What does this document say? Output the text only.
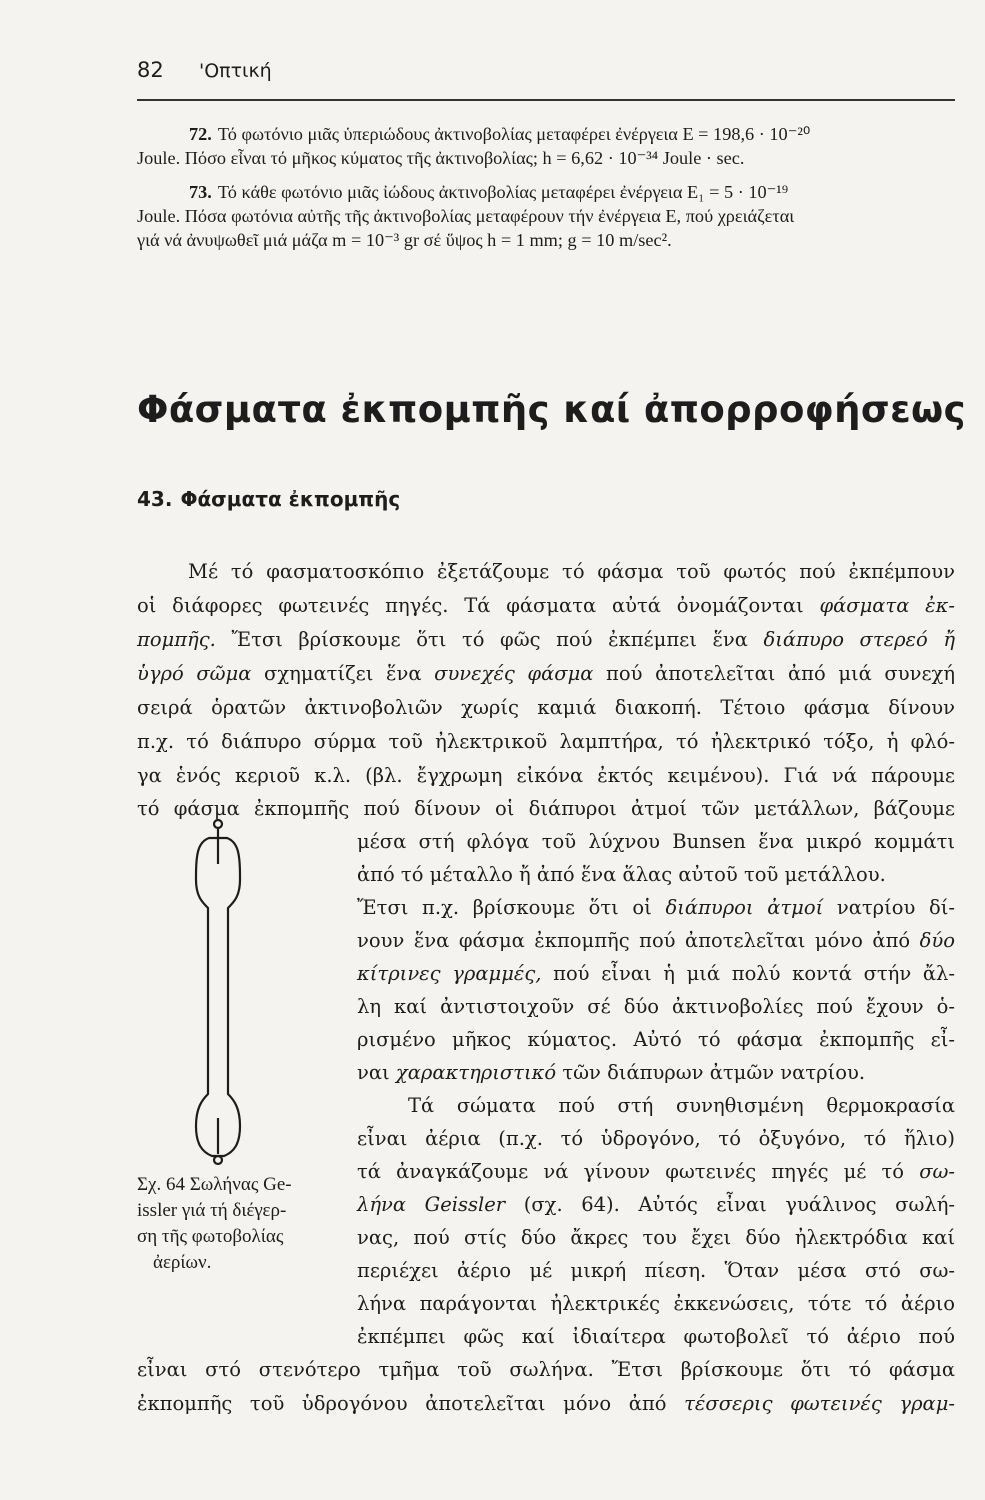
82 'Οπτική
72. Τό φωτόνιο μιᾶς ὑπεριώδους ἀκτινοβολίας μεταφέρει ἐνέργεια E = 198,6 · 10⁻²⁰
Joule. Πόσο εἶναι τό μῆκος κύματος τῆς ἀκτινοβολίας; h = 6,62 · 10⁻³⁴ Joule · sec.
73. Τό κάθε φωτόνιο μιᾶς ἰώδους ἀκτινοβολίας μεταφέρει ἐνέργεια E₁ = 5 · 10⁻¹⁹
Joule. Πόσα φωτόνια αὐτῆς τῆς ἀκτινοβολίας μεταφέρουν τήν ἐνέργεια E, πού χρειάζεται
γιά νά ἀνυψωθεῖ μιά μάζα m = 10⁻³ gr σέ ὕψος h = 1 mm; g = 10 m/sec².
Φάσματα ἐκπομπῆς καί ἀπορροφήσεως
43. Φάσματα ἐκπομπῆς
Μέ τό φασματοσκόπιο ἐξετάζουμε τό φάσμα τοῦ φωτός πού ἐκπέμπουν
οἱ διάφορες φωτεινές πηγές. Τά φάσματα αὐτά ὀνομάζονται φάσματα ἐκ-
πομπῆς. Ἔτσι βρίσκουμε ὅτι τό φῶς πού ἐκπέμπει ἕνα διάπυρο στερεό ἤ
ὑγρό σῶμα σχηματίζει ἕνα συνεχές φάσμα πού ἀποτελεῖται ἀπό μιά συνεχή
σειρά ὁρατῶν ἀκτινοβολιῶν χωρίς καμιά διακοπή. Τέτοιο φάσμα δίνουν
π.χ. τό διάπυρο σύρμα τοῦ ἠλεκτρικοῦ λαμπτήρα, τό ἠλεκτρικό τόξο, ἡ φλό-
γα ἑνός κεριοῦ κ.λ. (βλ. ἔγχρωμη εἰκόνα ἐκτός κειμένου). Γιά νά πάρουμε
τό φάσμα ἐκπομπῆς πού δίνουν οἱ διάπυροι ἀτμοί τῶν μετάλλων, βάζουμε
μέσα στή φλόγα τοῦ λύχνου Bunsen ἕνα μικρό κομμάτι
ἀπό τό μέταλλο ἤ ἀπό ἕνα ἅλας αὐτοῦ τοῦ μετάλλου.
Ἔτσι π.χ. βρίσκουμε ὅτι οἱ διάπυροι ἀτμοί νατρίου δί-
νουν ἕνα φάσμα ἐκπομπῆς πού ἀποτελεῖται μόνο ἀπό δύο
κίτρινες γραμμές, πού εἶναι ἡ μιά πολύ κοντά στήν ἄλ-
λη καί ἀντιστοιχοῦν σέ δύο ἀκτινοβολίες πού ἔχουν ὁ-
ρισμένο μῆκος κύματος. Αὐτό τό φάσμα ἐκπομπῆς εἶ-
ναι χαρακτηριστικό τῶν διάπυρων ἀτμῶν νατρίου.
Τά σώματα πού στή συνηθισμένη θερμοκρασία
εἶναι ἀέρια (π.χ. τό ὑδρογόνο, τό ὀξυγόνο, τό ἥλιο)
τά ἀναγκάζουμε νά γίνουν φωτεινές πηγές μέ τό σω-
λήνα Geissler (σχ. 64). Αὐτός εἶναι γυάλινος σωλή-
νας, πού στίς δύο ἄκρες του ἔχει δύο ἠλεκτρόδια καί
περιέχει ἀέριο μέ μικρή πίεση. Ὅταν μέσα στό σω-
λήνα παράγονται ἠλεκτρικές ἐκκενώσεις, τότε τό ἀέριο
ἐκπέμπει φῶς καί ἰδιαίτερα φωτοβολεῖ τό ἀέριο πού
εἶναι στό στενότερο τμῆμα τοῦ σωλήνα. Ἔτσι βρίσκουμε ὅτι τό φάσμα
ἐκπομπῆς τοῦ ὑδρογόνου ἀποτελεῖται μόνο ἀπό τέσσερις φωτεινές γραμ-
Σχ. 64 Σωλήνας Ge-
issler γιά τή διέγερ-
ση τῆς φωτοβολίας
ἀερίων.
